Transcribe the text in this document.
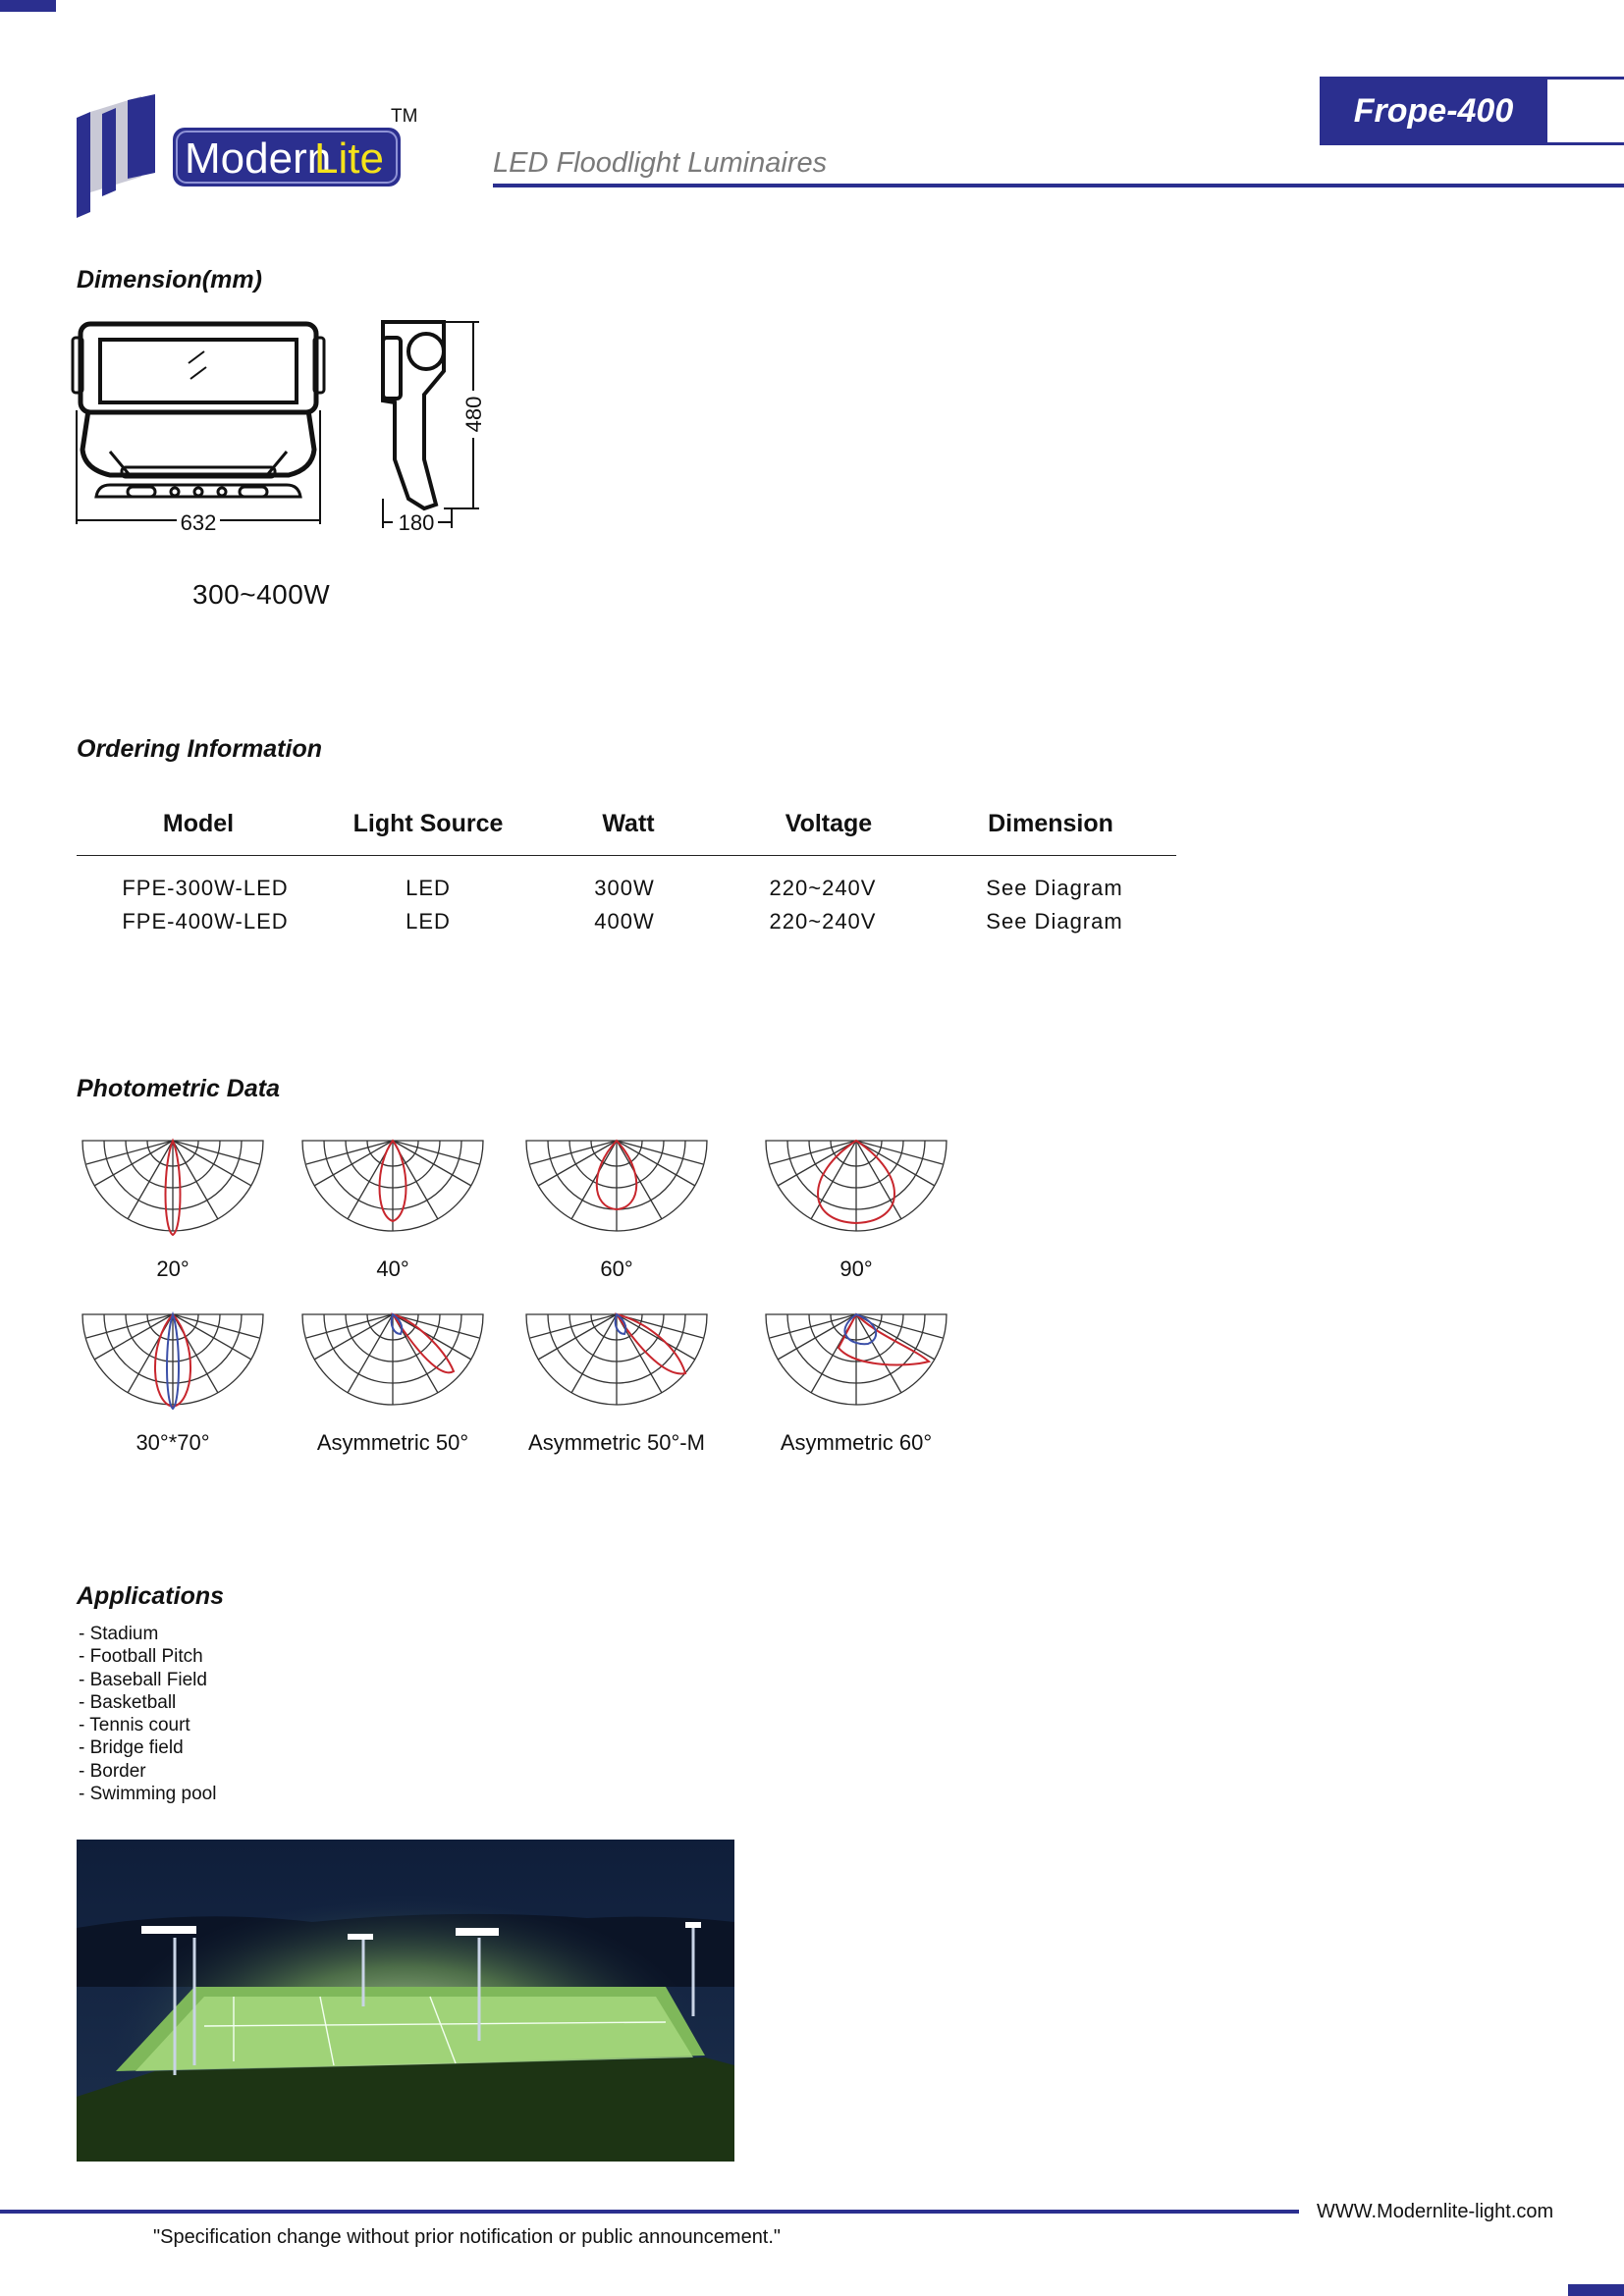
Modern
Lite
TM
LED Floodlight Luminaires
Frope-400
Dimension(mm)
632	180
480
300~400W
Ordering Information
Model	Light Source	Watt	Voltage	Dimension
FPE-300W-LED	LED	300W	220~240V	See Diagram
FPE-400W-LED	LED	400W	220~240V	See Diagram
Photometric Data
20°	40°	60°	90°
30°*70°	Asymmetric 50°	Asymmetric 50°-M	Asymmetric 60°
Applications
- Stadium
- Football Pitch
- Baseball Field
- Basketball
- Tennis court
- Bridge field
- Border
- Swimming pool
WWW.Modernlite-light.com
"Specification change without prior notification or public announcement."
